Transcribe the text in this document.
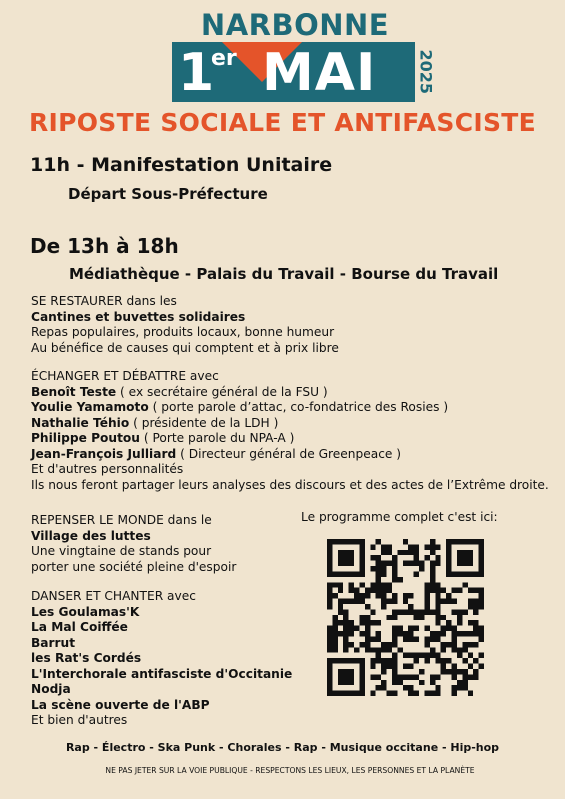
NARBONNE
1
er MAI	2025
RIPOSTE SOCIALE ET ANTIFASCISTE
11h - Manifestation Unitaire
Départ Sous-Préfecture
De 13h à 18h
Médiathèque - Palais du Travail - Bourse du Travail
SE RESTAURER dans les
Cantines et buvettes solidaires
Repas populaires, produits locaux, bonne humeur
Au bénéfice de causes qui comptent et à prix libre
ÉCHANGER ET DÉBATTRE avec
Benoît Teste ( ex secrétaire général de la FSU )
Youlie Yamamoto ( porte parole d’attac, co-fondatrice des Rosies )
Nathalie Téhio ( présidente de la LDH )
Philippe Poutou ( Porte parole du NPA-A )
Jean-François Julliard ( Directeur général de Greenpeace )
Et d'autres personnalités
Ils nous feront partager leurs analyses des discours et des actes de l’Extrême droite.
REPENSER LE MONDE dans le
Village des luttes
Une vingtaine de stands pour
porter une société pleine d'espoir
DANSER ET CHANTER avec
Les Goulamas'K
La Mal Coiffée
Barrut
les Rat's Cordés
L'Interchorale antifasciste d'Occitanie
Nodja
La scène ouverte de l'ABP
Et bien d'autres
Le programme complet c'est ici:
Rap - Électro - Ska Punk - Chorales - Rap - Musique occitane - Hip-hop
NE PAS JETER SUR LA VOIE PUBLIQUE - RESPECTONS LES LIEUX, LES PERSONNES ET LA PLANÈTE
